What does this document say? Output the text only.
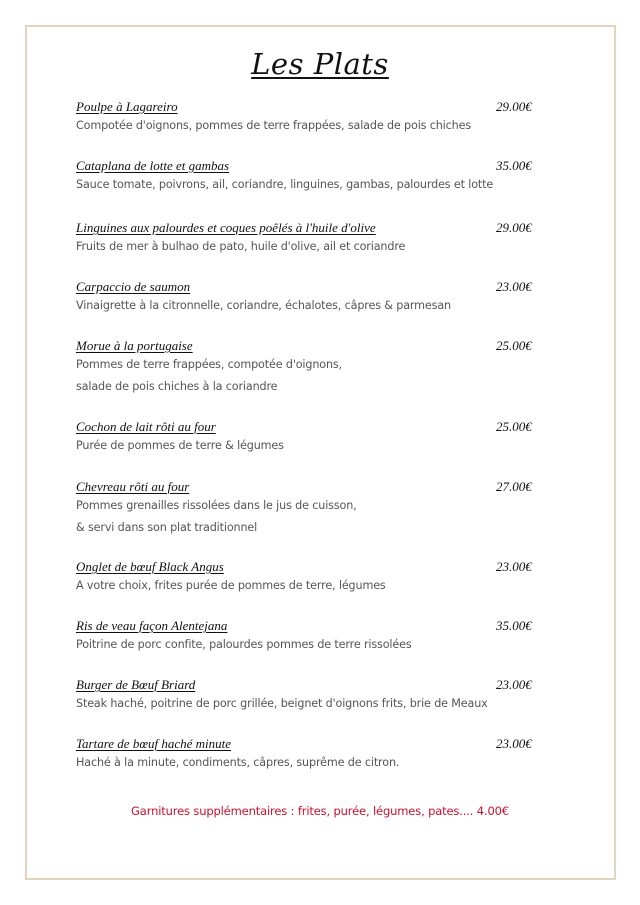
Les Plats
Poulpe à Lagareiro	29.00€
Compotée d'oignons, pommes de terre frappées, salade de pois chiches
Cataplana de lotte et gambas	35.00€
Sauce tomate, poivrons, ail, coriandre, linguines, gambas, palourdes et lotte
Linguines aux palourdes et coques poêlés à l'huile d'olive	29.00€
Fruits de mer à bulhao de pato, huile d'olive, ail et coriandre
Carpaccio de saumon	23.00€
Vinaigrette à la citronnelle, coriandre, échalotes, câpres & parmesan
Morue à la portugaise	25.00€
Pommes de terre frappées, compotée d'oignons,
salade de pois chiches à la coriandre
Cochon de lait rôti au four	25.00€
Purée de pommes de terre & légumes
Chevreau rôti au four	27.00€
Pommes grenailles rissolées dans le jus de cuisson,
& servi dans son plat traditionnel
Onglet de bœuf Black Angus	23.00€
A votre choix, frites purée de pommes de terre, légumes
Ris de veau façon Alentejana	35.00€
Poitrine de porc confite, palourdes pommes de terre rissolées
Burger de Bœuf Briard	23.00€
Steak haché, poitrine de porc grillée, beignet d'oignons frits, brie de Meaux
Tartare de bœuf haché minute	23.00€
Haché à la minute, condiments, câpres, suprême de citron.
Garnitures supplémentaires : frites, purée, légumes, pates.... 4.00€
